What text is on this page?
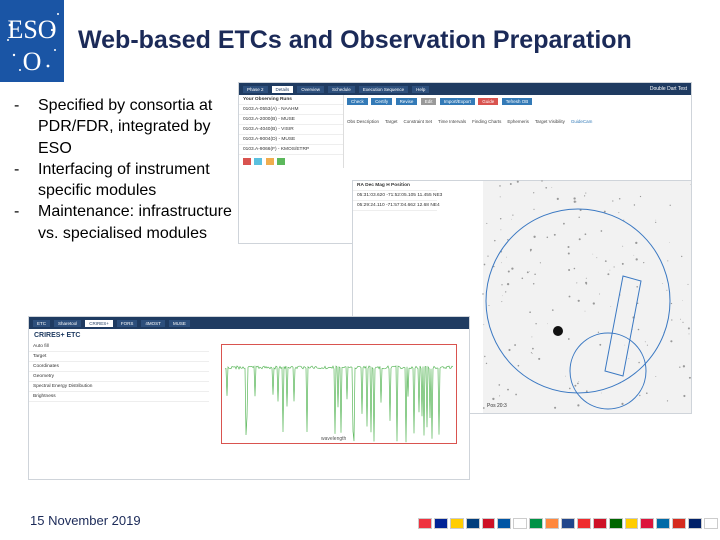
ESO
O
Web-based ETCs and Observation Preparation
- Specified by consortia at PDR/FDR, integrated by ESO
- Interfacing of instrument specific modules
- Maintenance: infrastructure vs. specialised modules
Phase 2	Details	Overview	Schedule	Execution Sequence	Help	Double Dart Test
Your Observing Runs
0103.A-0553(A) - NAAHM
0103.A-2000(B) - MUSE
0103.A-4040(B) - VISIR
0103.A-9004(D) - MUSE
0103.A-9066(F) - KMOS/ETRP

Check	Certify	Revise	Edit	Import/Export	Guide	Tefresh OB
Obs Description Target Constraint Set Time Intervals Finding Charts Ephemeris Target Visibility GuideCam
RA Dec Mag H Position
05:31:03.620 -71:52:05.105 11.455 NE3
05:29:24.110 -71:57:04.662 12.68 NE4
Pos 20:3
ETC	Sharetool	CRIRES+	FORS	4MOST	MUSE
CRIRES+ ETC
Auto fill
Target
Coordinates
Geometry
Spectral Energy Distribution
Brightness
wavelength
15 November 2019
